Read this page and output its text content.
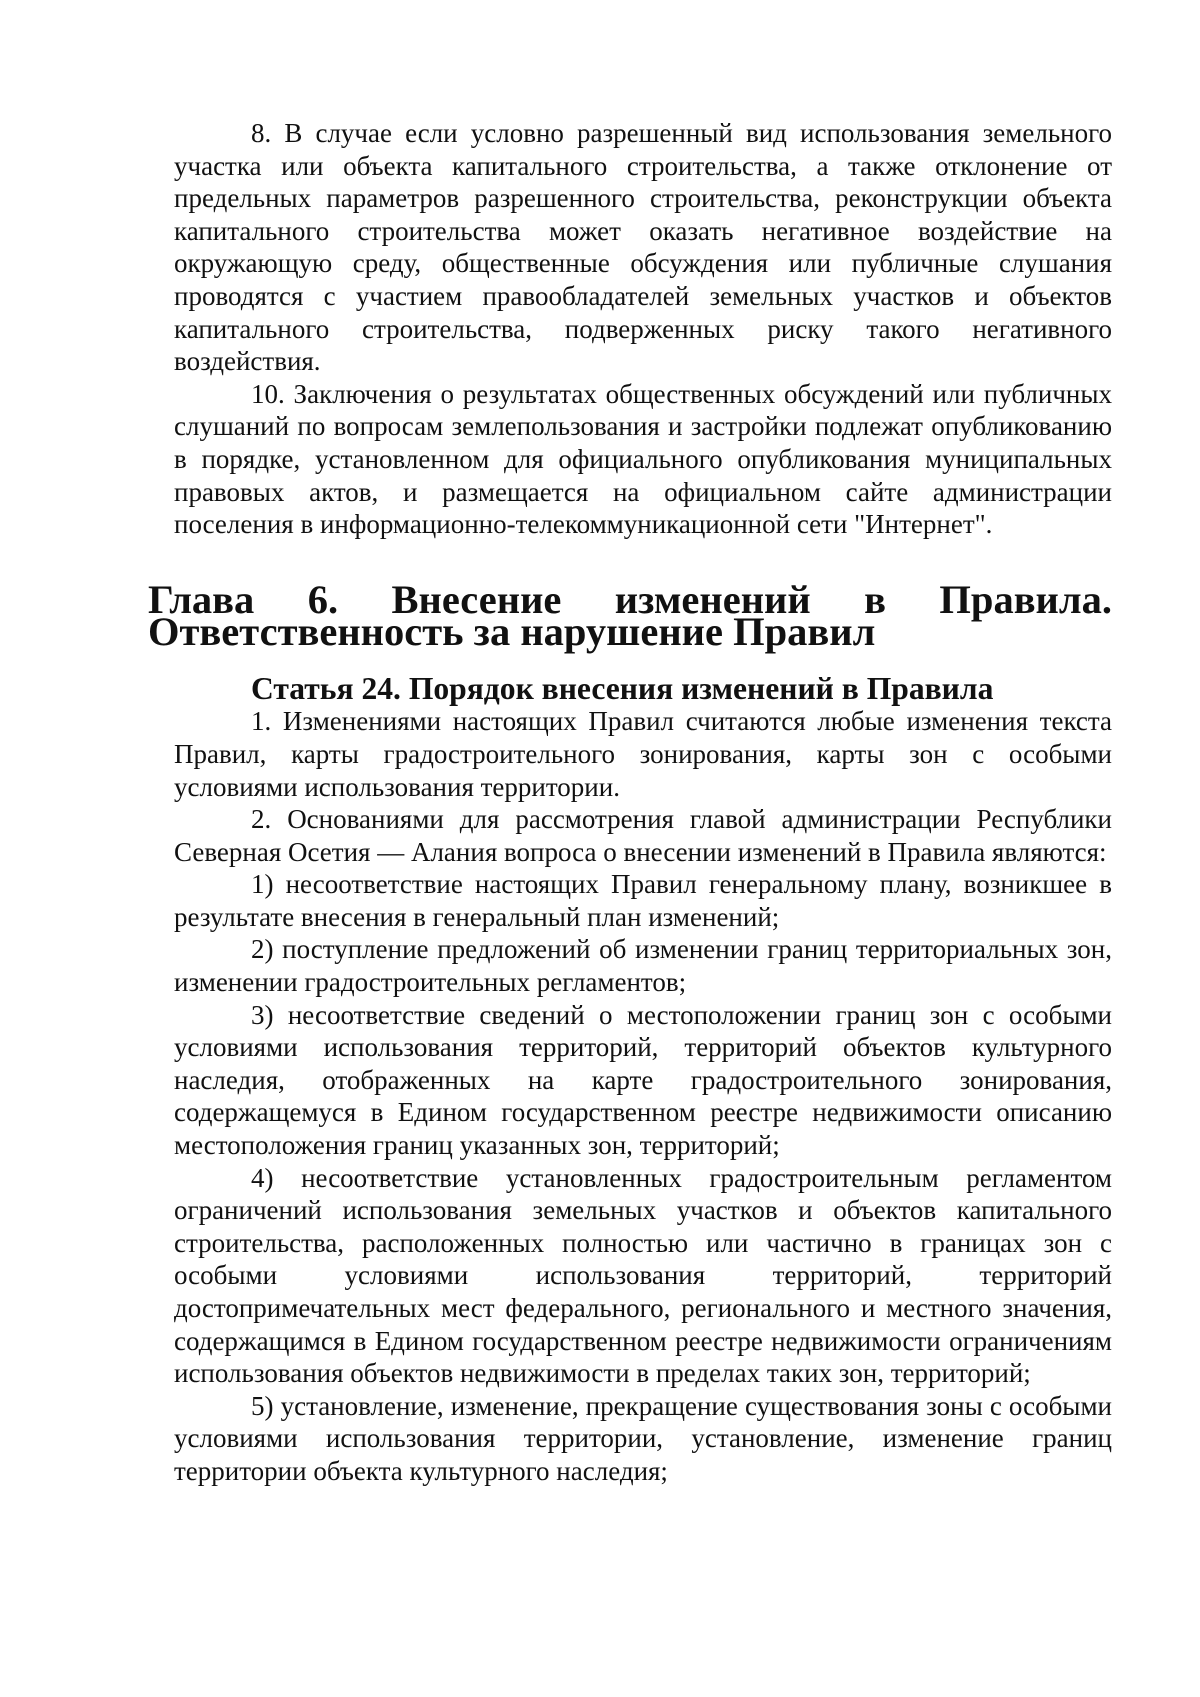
8. В случае если условно разрешенный вид использования земельного участка или объекта капитального строительства, а также отклонение от предельных параметров разрешенного строительства, реконструкции объекта капитального строительства может оказать негативное воздействие на окружающую среду, общественные обсуждения или публичные слушания проводятся с участием правообладателей земельных участков и объектов капитального строительства, подверженных риску такого негативного воздействия.

10. Заключения о результатах общественных обсуждений или публичных слушаний по вопросам землепользования и застройки подлежат опубликованию в порядке, установленном для официального опубликования муниципальных правовых актов, и размещается на официальном сайте администрации поселения в информационно-телекоммуникационной сети "Интернет".

Глава 6. Внесение изменений в Правила. Ответственность за нарушение Правил
Статья 24. Порядок внесения изменений в Правила

1. Изменениями настоящих Правил считаются любые изменения текста Правил, карты градостроительного зонирования, карты зон с особыми условиями использования территории.

2. Основаниями для рассмотрения главой администрации Республики Северная Осетия — Алания вопроса о внесении изменений в Правила являются:

1) несоответствие настоящих Правил генеральному плану, возникшее в результате внесения в генеральный план изменений;

2) поступление предложений об изменении границ территориальных зон, изменении градостроительных регламентов;

3) несоответствие сведений о местоположении границ зон с особыми условиями использования территорий, территорий объектов культурного наследия, отображенных на карте градостроительного зонирования, содержащемуся в Едином государственном реестре недвижимости описанию местоположения границ указанных зон, территорий;

4) несоответствие установленных градостроительным регламентом ограничений использования земельных участков и объектов капитального строительства, расположенных полностью или частично в границах зон с особыми условиями использования территорий, территорий достопримечательных мест федерального, регионального и местного значения, содержащимся в Едином государственном реестре недвижимости ограничениям использования объектов недвижимости в пределах таких зон, территорий;

5) установление, изменение, прекращение существования зоны с особыми условиями использования территории, установление, изменение границ территории объекта культурного наследия;
